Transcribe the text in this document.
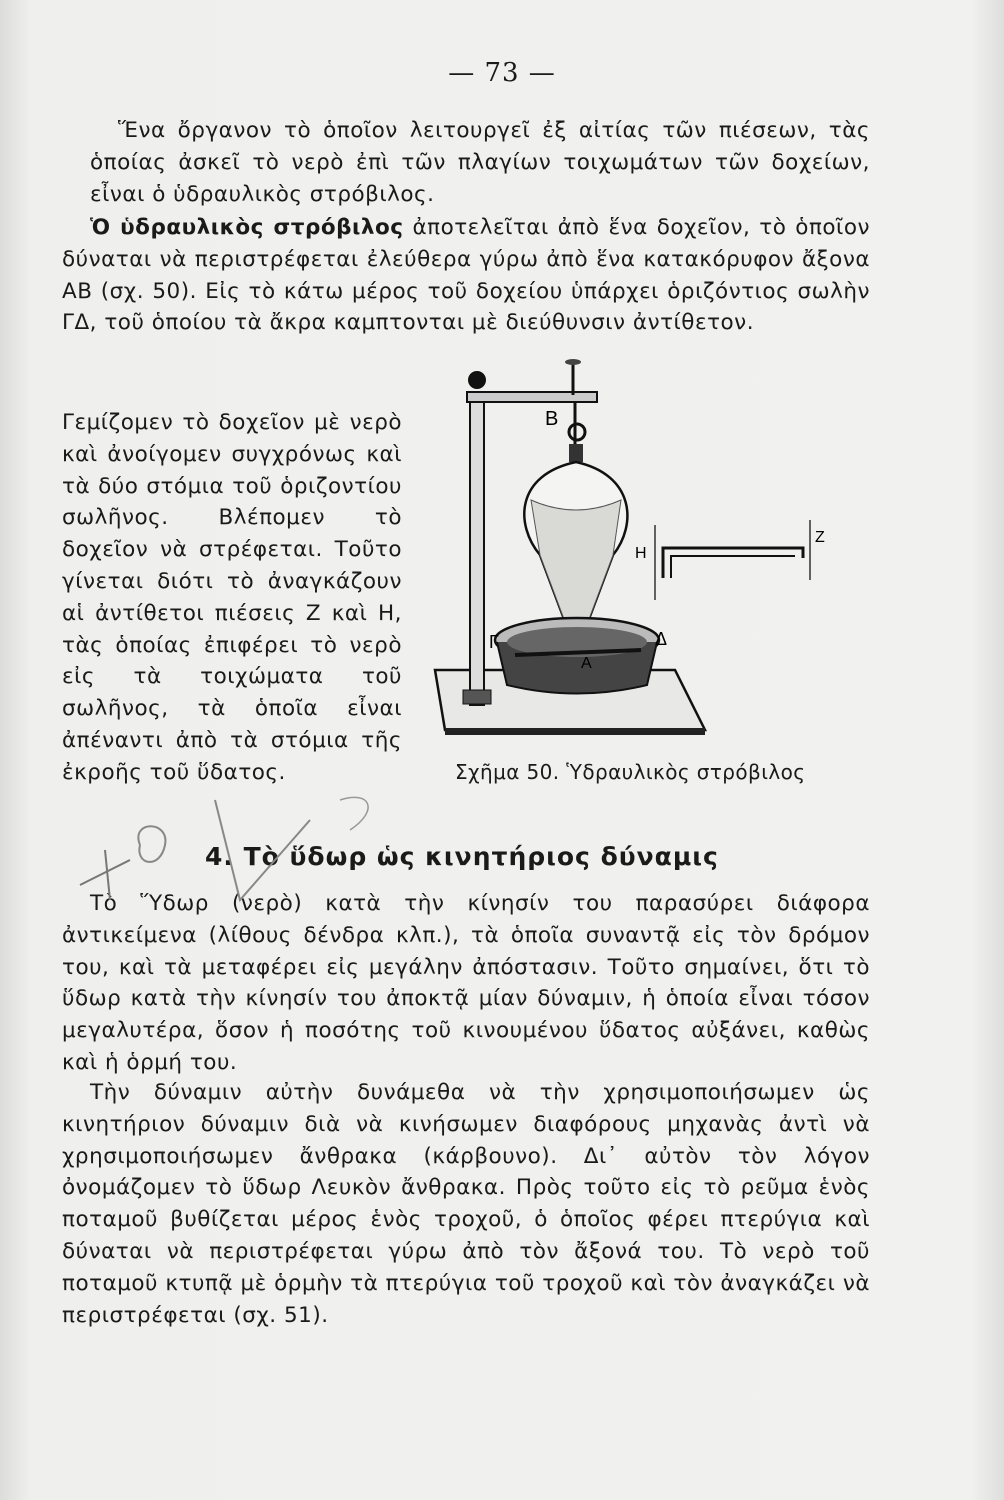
— 73 —

Ἕνα ὄργανον τὸ ὁποῖον λειτουργεῖ ἐξ αἰτίας τῶν πιέσεων, τὰς ὁποίας ἀσκεῖ τὸ νερὸ ἐπὶ τῶν πλαγίων τοιχωμάτων τῶν δοχείων, εἶναι ὁ ὑδραυλικὸς στρόβιλος.

Ὁ ὑδραυλικὸς στρόβιλος ἀποτελεῖται ἀπὸ ἕνα δοχεῖον, τὸ ὁποῖον δύναται νὰ περιστρέφεται ἐλεύθερα γύρω ἀπὸ ἕνα κατακόρυφον ἄξονα ΑΒ (σχ. 50). Εἰς τὸ κάτω μέρος τοῦ δοχείου ὑπάρχει ὁριζόντιος σωλὴν ΓΔ, τοῦ ὁποίου τὰ ἄκρα καμπτονται μὲ διεύθυνσιν ἀντίθετον.

Γεμίζομεν τὸ δοχεῖον μὲ νερὸ καὶ ἀνοίγομεν συγχρόνως καὶ τὰ δύο στόμια τοῦ ὁριζοντίου σωλῆνος. Βλέπομεν τὸ δοχεῖον νὰ στρέφεται. Τοῦτο γίνεται διότι τὸ ἀναγκάζουν αἱ ἀντίθετοι πιέσεις Ζ καὶ Η, τὰς ὁποίας ἐπιφέρει τὸ νερὸ εἰς τὰ τοιχώματα τοῦ σωλῆνος, τὰ ὁποῖα εἶναι ἀπέναντι ἀπὸ τὰ στόμια τῆς ἐκροῆς τοῦ ὕδατος.

Β
Γ	Δ
Α
Η
Ζ
Σχῆμα 50. Ὑδραυλικὸς στρόβιλος
4. Τὸ ὕδωρ ὡς κινητήριος δύναμις

Τὸ Ὕδωρ (νερὸ) κατὰ τὴν κίνησίν του παρασύρει διάφορα ἀντικείμενα (λίθους δένδρα κλπ.), τὰ ὁποῖα συναντᾷ εἰς τὸν δρόμον του, καὶ τὰ μεταφέρει εἰς μεγάλην ἀπόστασιν. Τοῦτο σημαίνει, ὅτι τὸ ὕδωρ κατὰ τὴν κίνησίν του ἀποκτᾷ μίαν δύναμιν, ἡ ὁποία εἶναι τόσον μεγαλυτέρα, ὅσον ἡ ποσότης τοῦ κινουμένου ὕδατος αὐξάνει, καθὼς καὶ ἡ ὁρμή του.

Τὴν δύναμιν αὐτὴν δυνάμεθα νὰ τὴν χρησιμοποιήσωμεν ὡς κινητήριον δύναμιν διὰ νὰ κινήσωμεν διαφόρους μηχανὰς ἀντὶ νὰ χρησιμοποιήσωμεν ἄνθρακα (κάρβουνο). Δι᾽ αὐτὸν τὸν λόγον ὀνομάζομεν τὸ ὕδωρ Λευκὸν ἄνθρακα. Πρὸς τοῦτο εἰς τὸ ρεῦμα ἑνὸς ποταμοῦ βυθίζεται μέρος ἑνὸς τροχοῦ, ὁ ὁποῖος φέρει πτερύγια καὶ δύναται νὰ περιστρέφεται γύρω ἀπὸ τὸν ἄξονά του. Τὸ νερὸ τοῦ ποταμοῦ κτυπᾷ μὲ ὁρμὴν τὰ πτερύγια τοῦ τροχοῦ καὶ τὸν ἀναγκάζει νὰ περιστρέφεται (σχ. 51).
